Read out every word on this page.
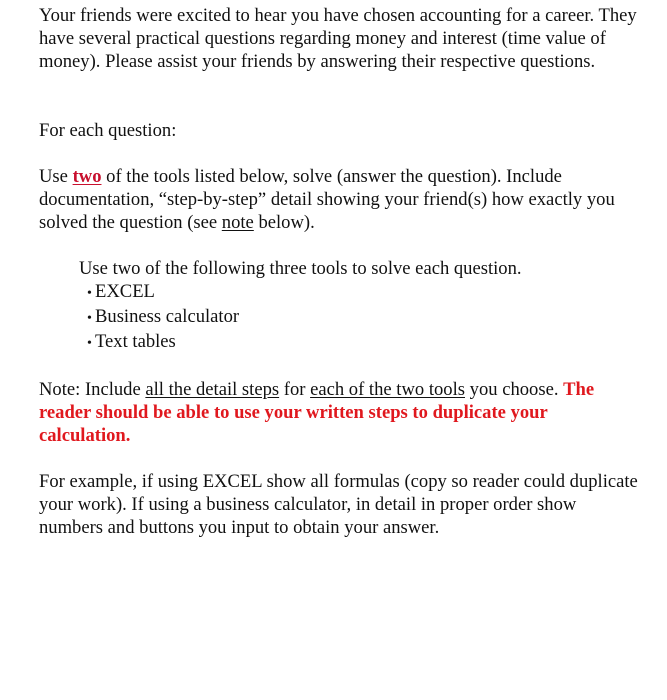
Your friends were excited to hear you have chosen accounting for a career. They have several practical questions regarding money and interest (time value of money). Please assist your friends by answering their respective questions.

For each question:

Use two of the tools listed below, solve (answer the question). Include documentation, “step-by-step” detail showing your friend(s) how exactly you solved the question (see note below).

Use two of the following three tools to solve each question.

• EXCEL
• Business calculator
• Text tables

Note: Include all the detail steps for each of the two tools you choose. The reader should be able to use your written steps to duplicate your calculation.

For example, if using EXCEL show all formulas (copy so reader could duplicate your work). If using a business calculator, in detail in proper order show numbers and buttons you input to obtain your answer.
